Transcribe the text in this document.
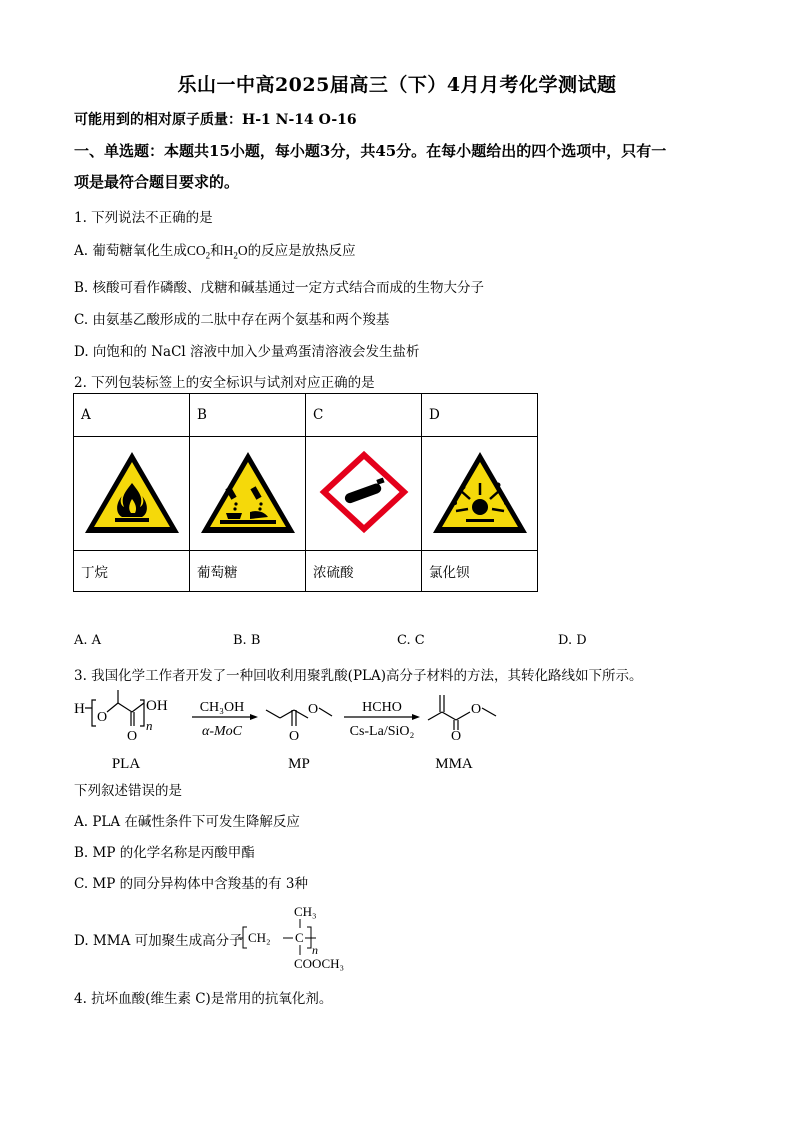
乐山一中高2025届高三（下）4月月考化学测试题
可能用到的相对原子质量：H-1 N-14 O-16
一、单选题：本题共15小题，每小题3分，共45分。在每小题给出的四个选项中，只有一
项是最符合题目要求的。
1. 下列说法不正确的是
A. 葡萄糖氧化生成$CO_2$和$H_2O$的反应是放热反应
B. 核酸可看作磷酸、戊糖和碱基通过一定方式结合而成的生物大分子
C. 由氨基乙酸形成的二肽中存在两个氨基和两个羧基
D. 向饱和的 NaCl 溶液中加入少量鸡蛋清溶液会发生盐析
2. 下列包装标签上的安全标识与试剂对应正确的是
A	B	C	D

丁烷	葡萄糖	浓硫酸	氯化钡
A. A	B. B	C. C	D. D
3. 我国化学工作者开发了一种回收利用聚乳酸(PLA)高分子材料的方法，其转化路线如下所示。
H
O
O
n
OH
PLA
CH₃OH
α-MoC	O
O
MP
HCHO
Cs-La/SiO₂	O
O
MMA
下列叙述错误的是
A. PLA 在碱性条件下可发生降解反应
B. MP 的化学名称是丙酸甲酯
C. MP 的同分异构体中含羧基的有 3种
D. MMA 可加聚生成高分子
CH₃
CH₂ C
n
COOCH₃
4. 抗坏血酸(维生素 C)是常用的抗氧化剂。
